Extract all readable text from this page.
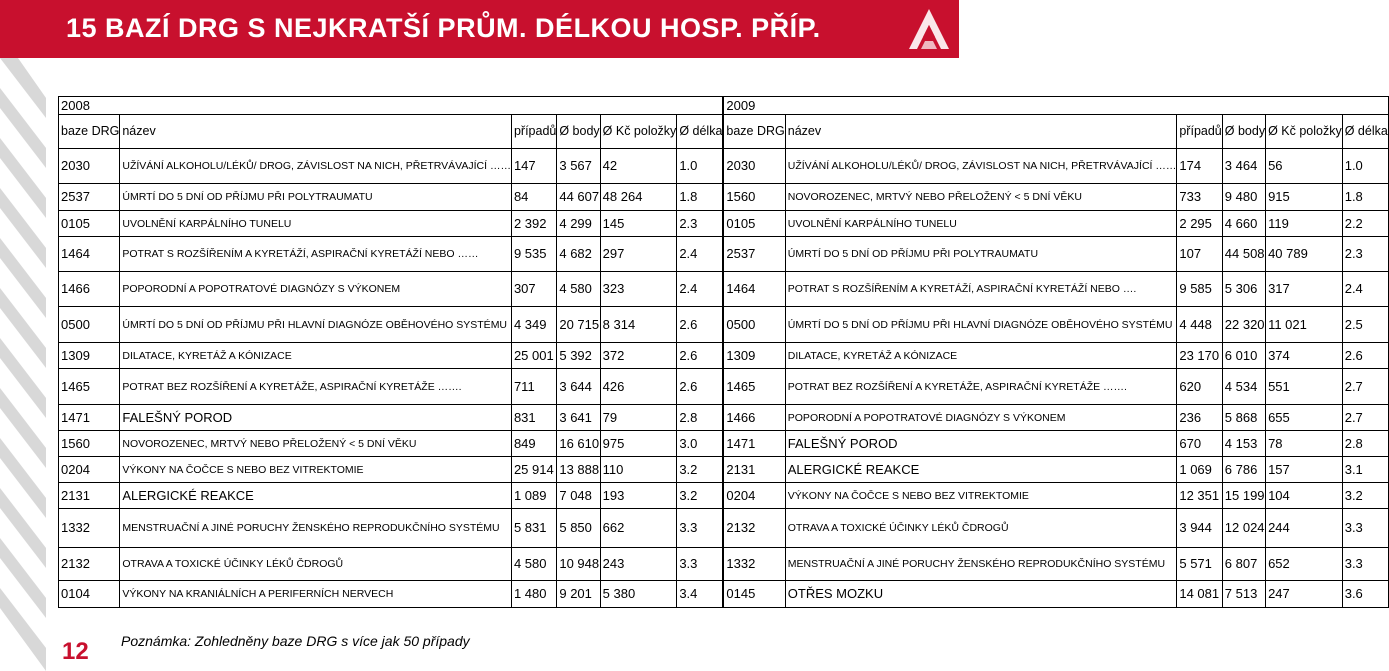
15 BAZÍ DRG S NEJKRATŠÍ PRŮM. DÉLKOU HOSP. PŘÍP.
2008						2009					
baze DRG	název	případů	Ø body	Ø Kč položky	Ø délka	baze DRG	název	případů	Ø body	Ø Kč položky	Ø délka
2030	UŽÍVÁNÍ ALKOHOLU/LÉKŮ/ DROG, ZÁVISLOST NA NICH, PŘETRVÁVAJÍCÍ ……	147	3 567	42	1.0	2030	UŽÍVÁNÍ ALKOHOLU/LÉKŮ/ DROG, ZÁVISLOST NA NICH, PŘETRVÁVAJÍCÍ ……	174	3 464	56	1.0
2537	ÚMRTÍ DO 5 DNÍ OD PŘÍJMU PŘI POLYTRAUMATU	84	44 607	48 264	1.8	1560	NOVOROZENEC, MRTVÝ NEBO PŘELOŽENÝ < 5 DNÍ VĚKU	733	9 480	915	1.8
0105	UVOLNĚNÍ KARPÁLNÍHO TUNELU	2 392	4 299	145	2.3	0105	UVOLNĚNÍ KARPÁLNÍHO TUNELU	2 295	4 660	119	2.2
1464	POTRAT S ROZŠÍŘENÍM A KYRETÁŽÍ, ASPIRAČNÍ KYRETÁŽÍ NEBO ……	9 535	4 682	297	2.4	2537	ÚMRTÍ DO 5 DNÍ OD PŘÍJMU PŘI POLYTRAUMATU	107	44 508	40 789	2.3
1466	POPORODNÍ A POPOTRATOVÉ DIAGNÓZY S VÝKONEM	307	4 580	323	2.4	1464	POTRAT S ROZŠÍŘENÍM A KYRETÁŽÍ, ASPIRAČNÍ KYRETÁŽÍ NEBO ….	9 585	5 306	317	2.4
0500	ÚMRTÍ DO 5 DNÍ OD PŘÍJMU PŘI HLAVNÍ DIAGNÓZE OBĚHOVÉHO SYSTÉMU	4 349	20 715	8 314	2.6	0500	ÚMRTÍ DO 5 DNÍ OD PŘÍJMU PŘI HLAVNÍ DIAGNÓZE OBĚHOVÉHO SYSTÉMU	4 448	22 320	11 021	2.5
1309	DILATACE, KYRETÁŽ A KÓNIZACE	25 001	5 392	372	2.6	1309	DILATACE, KYRETÁŽ A KÓNIZACE	23 170	6 010	374	2.6
1465	POTRAT BEZ ROZŠÍŘENÍ A KYRETÁŽE, ASPIRAČNÍ KYRETÁŽE …….	711	3 644	426	2.6	1465	POTRAT BEZ ROZŠÍŘENÍ A KYRETÁŽE, ASPIRAČNÍ KYRETÁŽE …….	620	4 534	551	2.7
1471	FALEŠNÝ POROD	831	3 641	79	2.8	1466	POPORODNÍ A POPOTRATOVÉ DIAGNÓZY S VÝKONEM	236	5 868	655	2.7
1560	NOVOROZENEC, MRTVÝ NEBO PŘELOŽENÝ < 5 DNÍ VĚKU	849	16 610	975	3.0	1471	FALEŠNÝ POROD	670	4 153	78	2.8
0204	VÝKONY NA ČOČCE S NEBO BEZ VITREKTOMIE	25 914	13 888	110	3.2	2131	ALERGICKÉ REAKCE	1 069	6 786	157	3.1
2131	ALERGICKÉ REAKCE	1 089	7 048	193	3.2	0204	VÝKONY NA ČOČCE S NEBO BEZ VITREKTOMIE	12 351	15 199	104	3.2
1332	MENSTRUAČNÍ A JINÉ PORUCHY ŽENSKÉHO REPRODUKČNÍHO SYSTÉMU	5 831	5 850	662	3.3	2132	OTRAVA A TOXICKÉ ÚČINKY LÉKŮ ČDROGŮ	3 944	12 024	244	3.3
2132	OTRAVA A TOXICKÉ ÚČINKY LÉKŮ ČDROGŮ	4 580	10 948	243	3.3	1332	MENSTRUAČNÍ A JINÉ PORUCHY ŽENSKÉHO REPRODUKČNÍHO SYSTÉMU	5 571	6 807	652	3.3
0104	VÝKONY NA KRANIÁLNÍCH A PERIFERNÍCH NERVECH	1 480	9 201	5 380	3.4	0145	OTŘES MOZKU	14 081	7 513	247	3.6
12 Poznámka: Zohledněny baze DRG s více jak 50 případy
